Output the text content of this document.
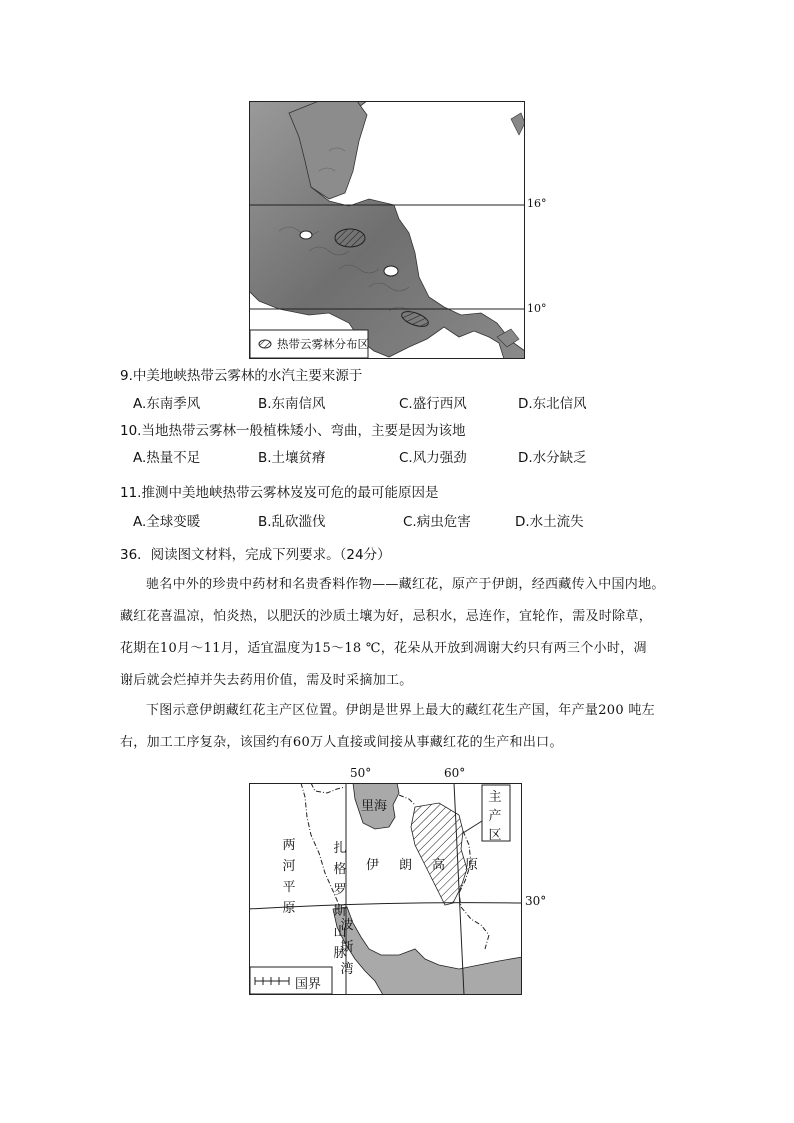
热带云雾林分布区
16°
10°
9.中美地峡热带云雾林的水汽主要来源于
A.东南季风	B.东南信风	C.盛行西风	D.东北信风
10.当地热带云雾林一般植株矮小、弯曲，主要是因为该地
A.热量不足	B.土壤贫瘠	C.风力强劲	D.水分缺乏
11.推测中美地峡热带云雾林岌岌可危的最可能原因是
A.全球变暖	B.乱砍滥伐	C.病虫危害	D.水土流失
36．阅读图文材料，完成下列要求。（24分）
驰名中外的珍贵中药材和名贵香料作物——藏红花，原产于伊朗，经西藏传入中国内地。
藏红花喜温凉，怕炎热，以肥沃的沙质土壤为好，忌积水，忌连作，宜轮作，需及时除草，
花期在10月～11月，适宜温度为15～18 ℃，花朵从开放到凋谢大约只有两三个小时，凋
谢后就会烂掉并失去药用价值，需及时采摘加工。
下图示意伊朗藏红花主产区位置。伊朗是世界上最大的藏红花生产国，年产量200 吨左
右，加工工序复杂，该国约有60万人直接或间接从事藏红花的生产和出口。
50°	60°
30°
里海
主产区
两河平原
扎格罗斯山脉
伊朗高原
波斯湾
国界
